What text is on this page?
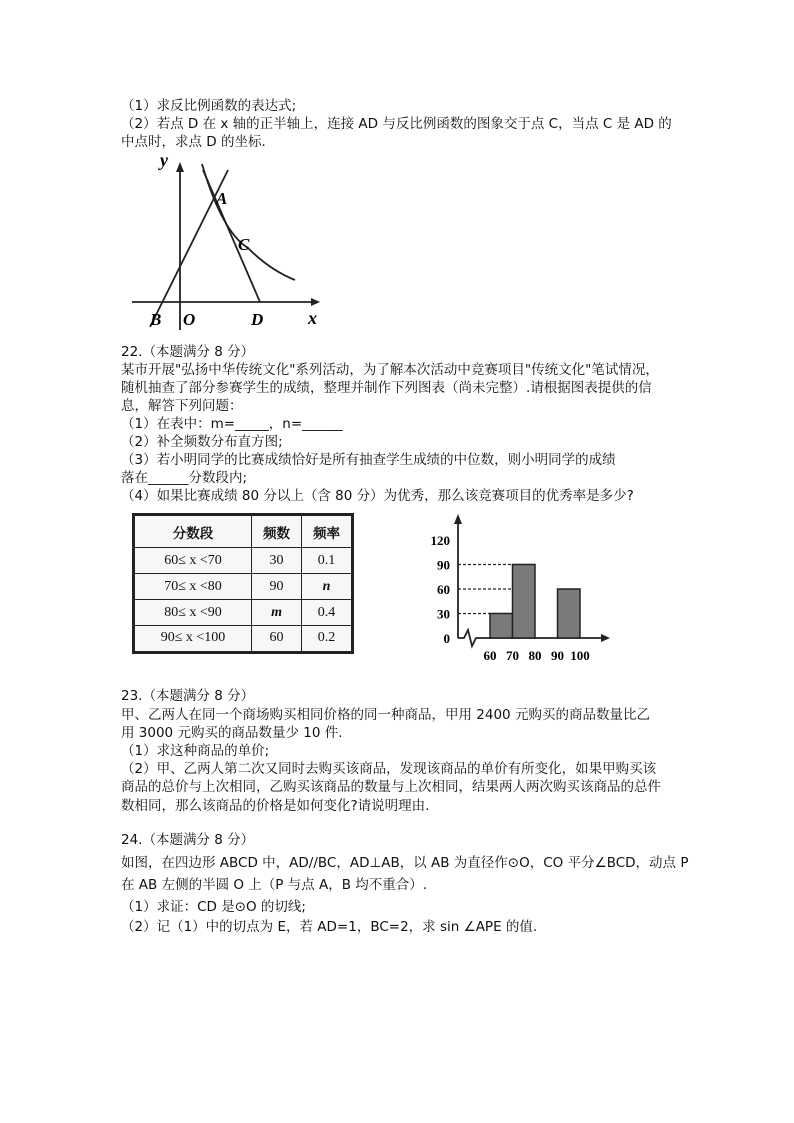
（1）求反比例函数的表达式;
（2）若点 D 在 x 轴的正半轴上，连接 AD 与反比例函数的图象交于点 C，当点 C 是 AD 的
中点时，求点 D 的坐标.
y
A
C
B O	D x
22.（本题满分 8 分）
某市开展"弘扬中华传统文化"系列活动，为了解本次活动中竞赛项目"传统文化"笔试情况，
随机抽查了部分参赛学生的成绩，整理并制作下列图表（尚未完整）.请根据图表提供的信
息，解答下列问题：
（1）在表中：m=_____，n=______
（2）补全频数分布直方图;
（3）若小明同学的比赛成绩恰好是所有抽查学生成绩的中位数，则小明同学的成绩
落在______分数段内;
（4）如果比赛成绩 80 分以上（含 80 分）为优秀，那么该竞赛项目的优秀率是多少?
分数段	频数	频率
60≤ x <70	30	0.1
70≤ x <80	90	n
80≤ x <90	m	0.4
90≤ x <100	60	0.2	0
30
60
90
120
60 70 80 90 100
23.（本题满分 8 分）
甲、乙两人在同一个商场购买相同价格的同一种商品，甲用 2400 元购买的商品数量比乙
用 3000 元购买的商品数量少 10 件.
（1）求这种商品的单价;
（2）甲、乙两人第二次又同时去购买该商品，发现该商品的单价有所变化，如果甲购买该
商品的总价与上次相同，乙购买该商品的数量与上次相同，结果两人两次购买该商品的总件
数相同，那么该商品的价格是如何变化?请说明理由.
24.（本题满分 8 分）
如图，在四边形 ABCD 中，AD//BC，AD⊥AB，以 AB 为直径作⊙O，CO 平分∠BCD，动点 P
在 AB 左侧的半圆 O 上（P 与点 A，B 均不重合）.
（1）求证：CD 是⊙O 的切线;
（2）记（1）中的切点为 E，若 AD=1，BC=2，求 sin ∠APE 的值.
